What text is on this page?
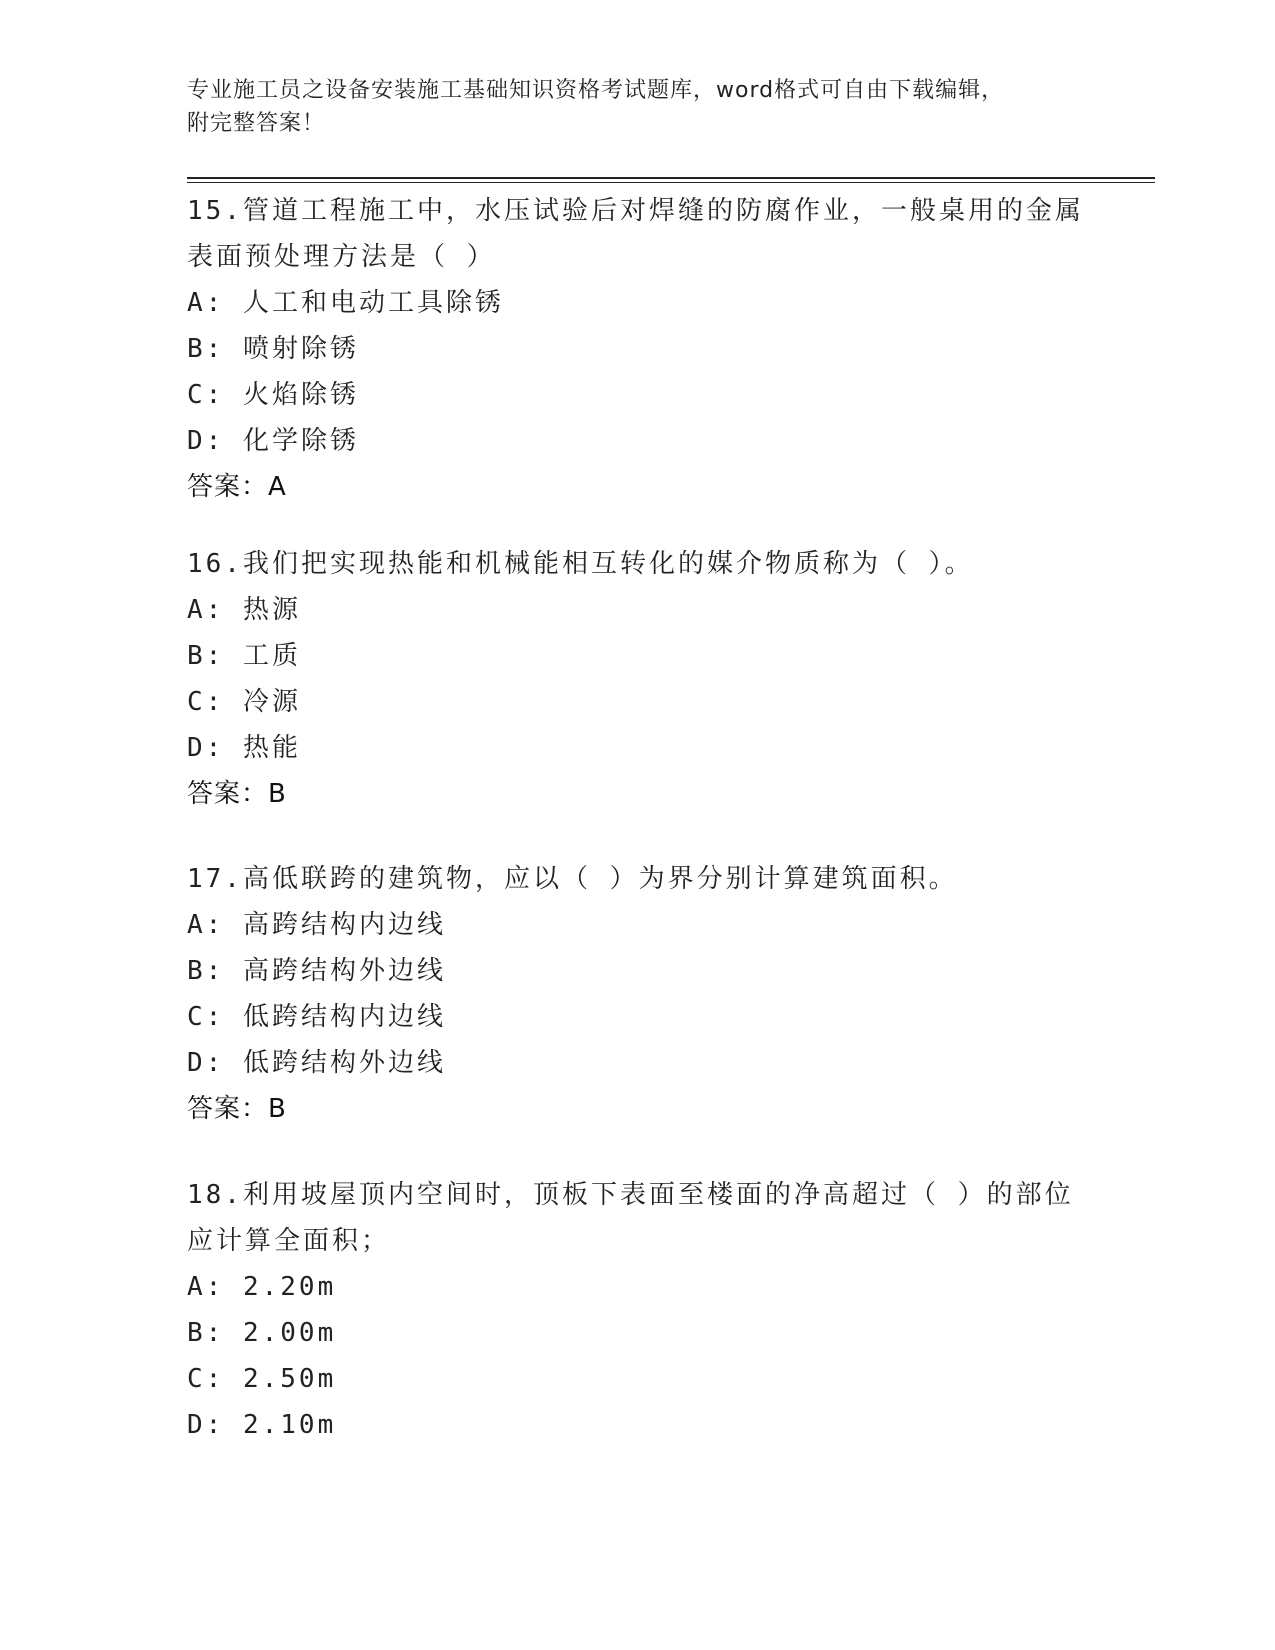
专业施工员之设备安装施工基础知识资格考试题库，word格式可自由下载编辑，
附完整答案！
15.管道工程施工中，水压试验后对焊缝的防腐作业，一般桌用的金属
表面预处理方法是（ ）
A: 人工和电动工具除锈
B: 喷射除锈
C: 火焰除锈
D: 化学除锈
答案：A
16.我们把实现热能和机械能相互转化的媒介物质称为（ ）。
A: 热源
B: 工质
C: 冷源
D: 热能
答案：B
17.高低联跨的建筑物，应以（ ）为界分别计算建筑面积。
A: 高跨结构内边线
B: 高跨结构外边线
C: 低跨结构内边线
D: 低跨结构外边线
答案：B
18.利用坡屋顶内空间时，顶板下表面至楼面的净高超过（ ）的部位
应计算全面积；
A: 2.20m
B: 2.00m
C: 2.50m
D: 2.10m
